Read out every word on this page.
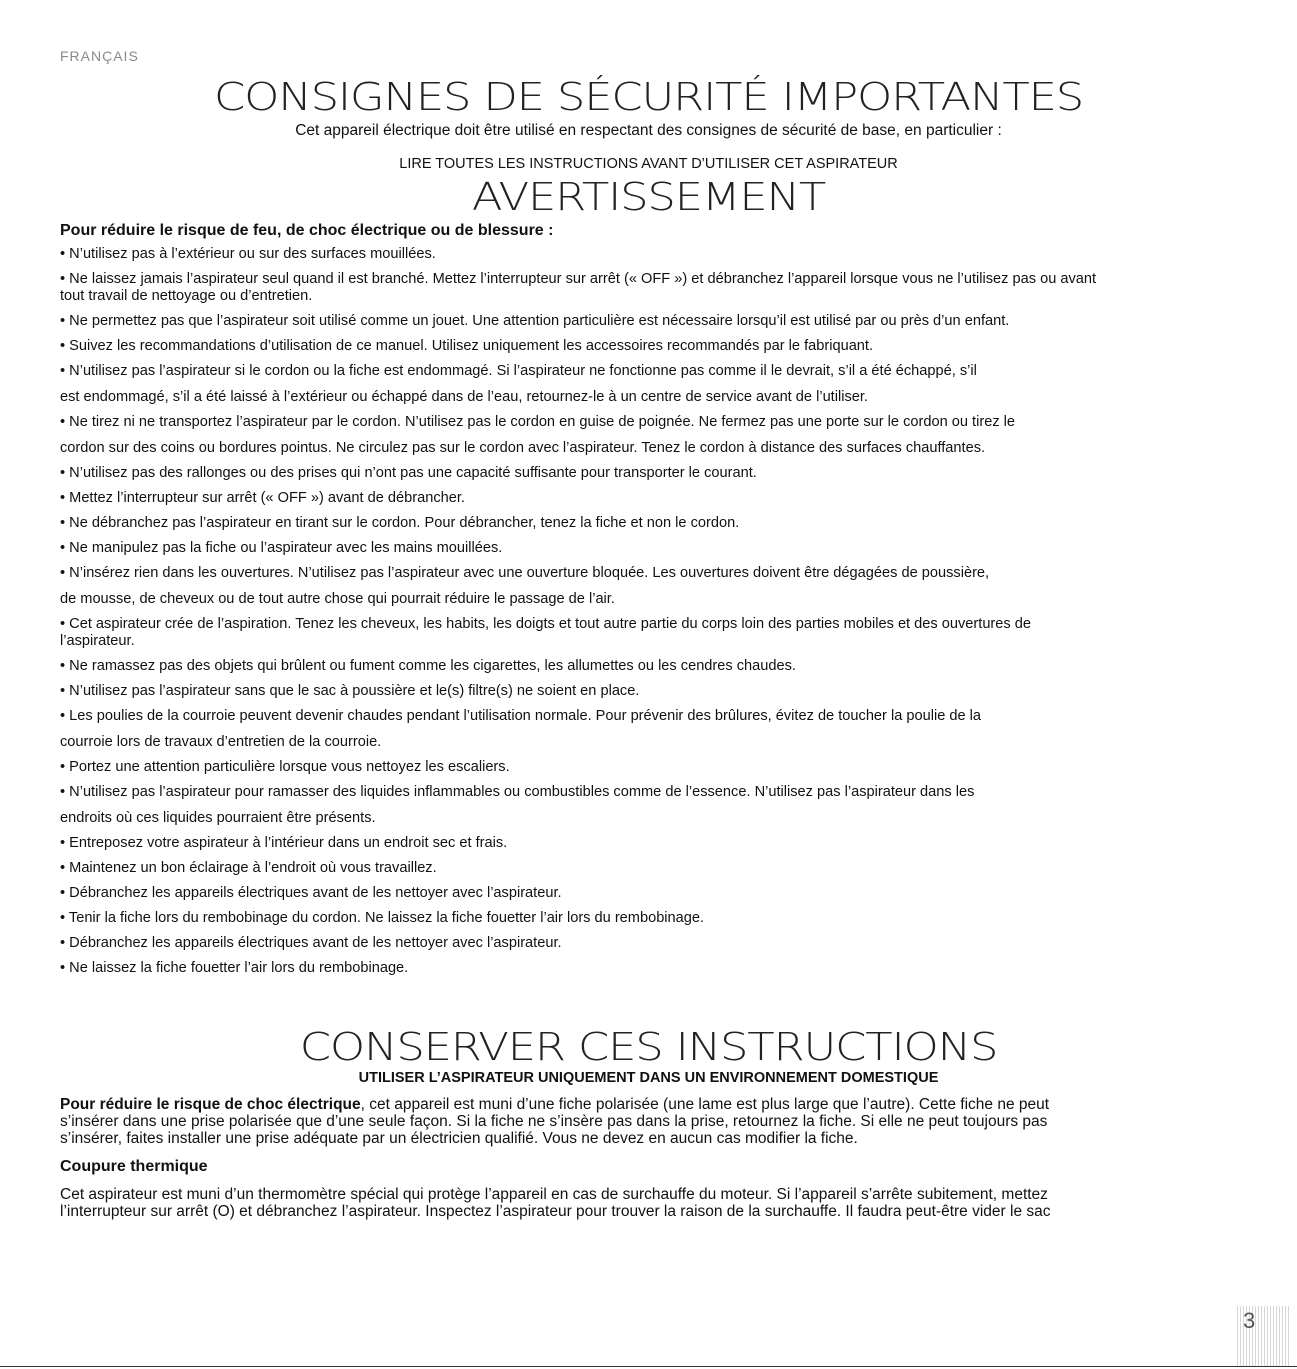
FRANÇAIS
CONSIGNES DE SÉCURITÉ IMPORTANTES
Cet appareil électrique doit être utilisé en respectant des consignes de sécurité de base, en particulier :
LIRE TOUTES LES INSTRUCTIONS AVANT D’UTILISER CET ASPIRATEUR
AVERTISSEMENT
Pour réduire le risque de feu, de choc électrique ou de blessure :
• N’utilisez pas à l’extérieur ou sur des surfaces mouillées.
• Ne laissez jamais l’aspirateur seul quand il est branché. Mettez l’interrupteur sur arrêt (« OFF ») et débranchez l’appareil lorsque vous ne l’utilisez pas ou avant
tout travail de nettoyage ou d’entretien.
• Ne permettez pas que l’aspirateur soit utilisé comme un jouet. Une attention particulière est nécessaire lorsqu’il est utilisé par ou près d’un enfant.
• Suivez les recommandations d’utilisation de ce manuel. Utilisez uniquement les accessoires recommandés par le fabriquant.
• N’utilisez pas l’aspirateur si le cordon ou la fiche est endommagé. Si l’aspirateur ne fonctionne pas comme il le devrait, s’il a été échappé, s’il
est endommagé, s’il a été laissé à l’extérieur ou échappé dans de l’eau, retournez-le à un centre de service avant de l’utiliser.
• Ne tirez ni ne transportez l’aspirateur par le cordon. N’utilisez pas le cordon en guise de poignée. Ne fermez pas une porte sur le cordon ou tirez le
cordon sur des coins ou bordures pointus. Ne circulez pas sur le cordon avec l’aspirateur. Tenez le cordon à distance des surfaces chauffantes.
• N’utilisez pas des rallonges ou des prises qui n’ont pas une capacité suffisante pour transporter le courant.
• Mettez l’interrupteur sur arrêt (« OFF ») avant de débrancher.
• Ne débranchez pas l’aspirateur en tirant sur le cordon. Pour débrancher, tenez la fiche et non le cordon.
• Ne manipulez pas la fiche ou l’aspirateur avec les mains mouillées.
• N’insérez rien dans les ouvertures. N’utilisez pas l’aspirateur avec une ouverture bloquée. Les ouvertures doivent être dégagées de poussière,
de mousse, de cheveux ou de tout autre chose qui pourrait réduire le passage de l’air.
• Cet aspirateur crée de l’aspiration. Tenez les cheveux, les habits, les doigts et tout autre partie du corps loin des parties mobiles et des ouvertures de
l’aspirateur.
• Ne ramassez pas des objets qui brûlent ou fument comme les cigarettes, les allumettes ou les cendres chaudes.
• N’utilisez pas l’aspirateur sans que le sac à poussière et le(s) filtre(s) ne soient en place.
• Les poulies de la courroie peuvent devenir chaudes pendant l’utilisation normale. Pour prévenir des brûlures, évitez de toucher la poulie de la
courroie lors de travaux d’entretien de la courroie.
• Portez une attention particulière lorsque vous nettoyez les escaliers.
• N’utilisez pas l’aspirateur pour ramasser des liquides inflammables ou combustibles comme de l’essence. N’utilisez pas l’aspirateur dans les
endroits où ces liquides pourraient être présents.
• Entreposez votre aspirateur à l’intérieur dans un endroit sec et frais.
• Maintenez un bon éclairage à l’endroit où vous travaillez.
• Débranchez les appareils électriques avant de les nettoyer avec l’aspirateur.
• Tenir la fiche lors du rembobinage du cordon. Ne laissez la fiche fouetter l’air lors du rembobinage.
• Débranchez les appareils électriques avant de les nettoyer avec l’aspirateur.
• Ne laissez la fiche fouetter l’air lors du rembobinage.
CONSERVER CES INSTRUCTIONS
UTILISER L’ASPIRATEUR UNIQUEMENT DANS UN ENVIRONNEMENT DOMESTIQUE
Pour réduire le risque de choc électrique, cet appareil est muni d’une fiche polarisée (une lame est plus large que l’autre). Cette fiche ne peut
s’insérer dans une prise polarisée que d’une seule façon. Si la fiche ne s’insère pas dans la prise, retournez la fiche. Si elle ne peut toujours pas
s’insérer, faites installer une prise adéquate par un électricien qualifié. Vous ne devez en aucun cas modifier la fiche.
Coupure thermique
Cet aspirateur est muni d’un thermomètre spécial qui protège l’appareil en cas de surchauffe du moteur. Si l’appareil s’arrête subitement, mettez
l’interrupteur sur arrêt (O) et débranchez l’aspirateur. Inspectez l’aspirateur pour trouver la raison de la surchauffe. Il faudra peut-être vider le sac
3
